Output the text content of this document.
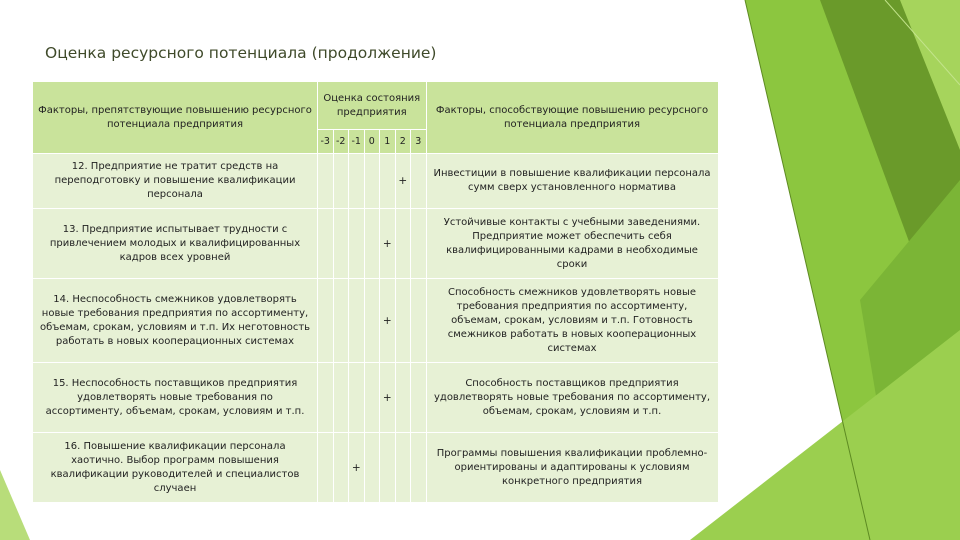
Оценка ресурсного потенциала (продолжение)
Факторы, препятствующие повышению ресурсного потенциала предприятия	Оценка состояния предприятия							Факторы, способствующие повышению ресурсного потенциала предприятия
	-3	-2	-1	0	1	2	3	
12. Предприятие не тратит средств на переподготовку и повышение квалификации персонала						+		Инвестиции в повышение квалификации персонала сумм сверх установленного норматива
13. Предприятие испытывает трудности с привлечением молодых и квалифицированных кадров всех уровней					+			Устойчивые контакты с учебными заведениями. Предприятие может обеспечить себя квалифицированными кадрами в необходимые сроки
14. Неспособность смежников удовлетворять новые требования предприятия по ассортименту, объемам, срокам, условиям и т.п. Их неготовность работать в новых кооперационных системах					+			Способность смежников удовлетворять новые требования предприятия по ассортименту, объемам, срокам, условиям и т.п. Готовность смежников работать в новых кооперационных системах
15. Неспособность поставщиков предприятия удовлетворять новые требования по ассортименту, объемам, срокам, условиям и т.п.					+			Способность поставщиков предприятия удовлетворять новые требования по ассортименту, объемам, срокам, условиям и т.п.
16. Повышение квалификации персонала хаотично. Выбор программ повышения квалификации руководителей и специалистов случаен			+					Программы повышения квалификации проблемно-ориентированы и адаптированы к условиям конкретного предприятия
